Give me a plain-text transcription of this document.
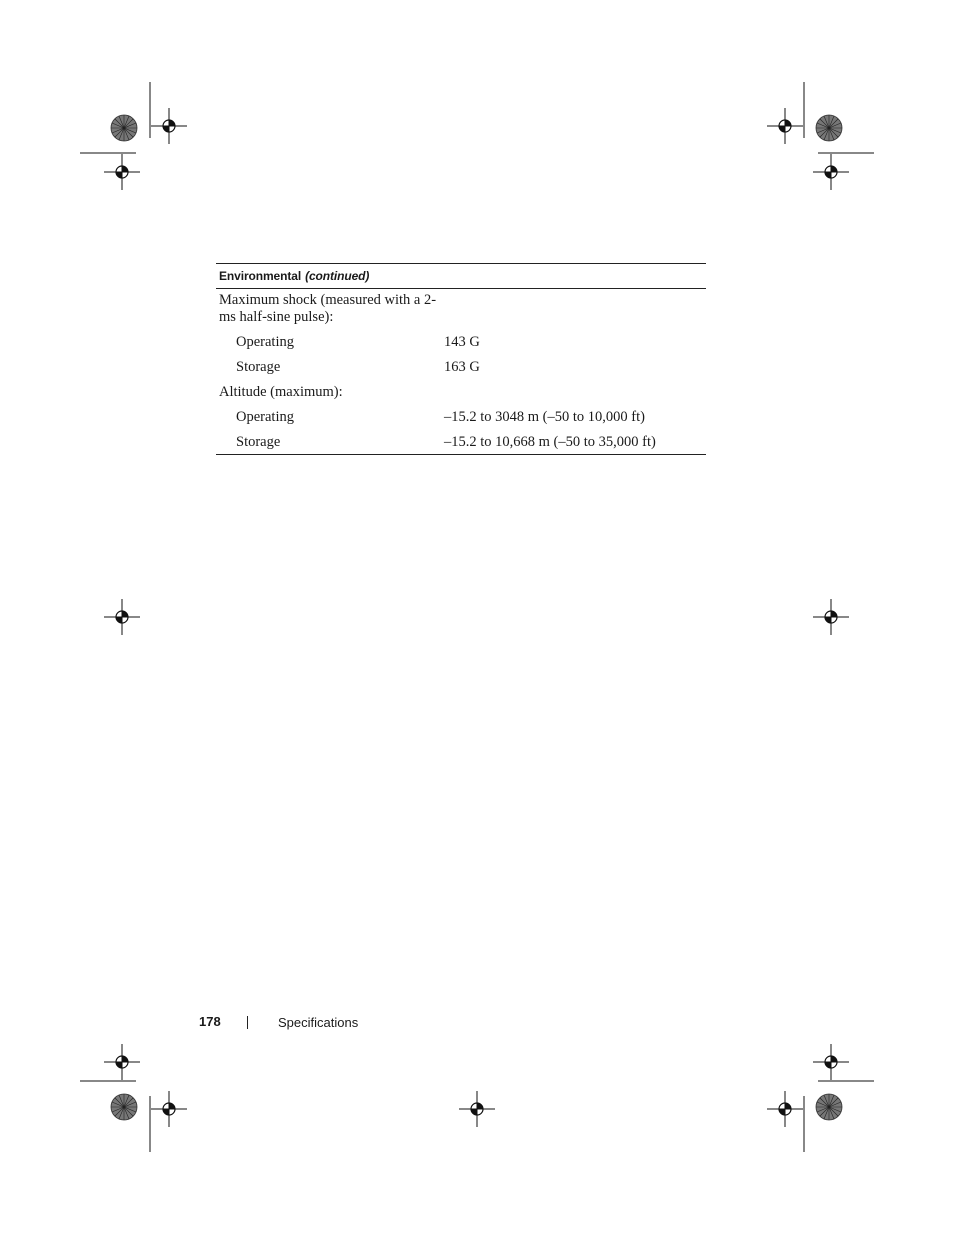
Environmental (continued)
Maximum shock (measured with a 2-ms half-sine pulse):
Operating	143 G
Storage	163 G
Altitude (maximum):
Operating	–15.2 to 3048 m (–50 to 10,000 ft)
Storage	–15.2 to 10,668 m (–50 to 35,000 ft)
178	Specifications
